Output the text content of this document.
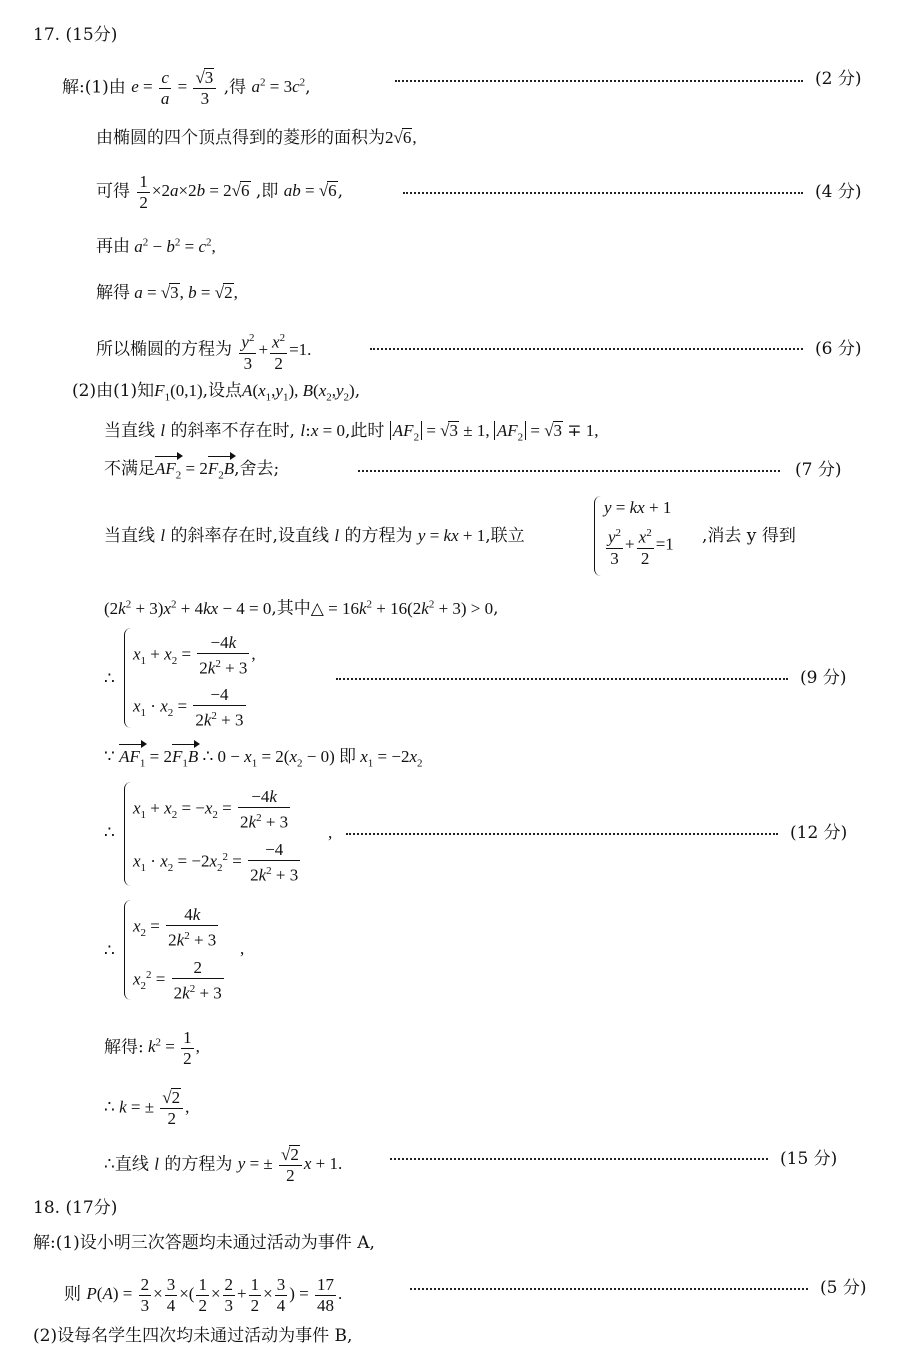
17. (15分)
解:(1)由 $e = \frac{c}{a} = \frac{√3}{3}$ ,得 $a^2 = 3c^2$,	(2 分)
由椭圆的四个顶点得到的菱形的面积为2√6,
可得 $\frac{1}{2} \times 2a\times 2b = 2√6$ ,即 ab = √6,	(4 分)
再由 $a^2 - b^2 = c^2$,
解得 a = √3, b = √2,
所以椭圆的方程为 $\frac{y^2}{3} + \frac{x^2}{2} =1$.	(6 分)
(2)由(1)知$F_1(0,1)$,设点$A(x_1,y_1)$, $B(x_2,y_2)$,
当直线 l 的斜率不存在时, l:x = 0,此时 $AF_2 = √3 \pm 1$, $AF_2 = √3 \mp 1$,
不满足$AF_2 = 2F_2B$,舍去;	(7 分)
当直线 l 的斜率存在时,设直线 l 的方程为 y = kx + 1,联立
y = kx + 1
$\frac{y^2}{3} + \frac{x^2}{2} =1$ ,消去 y 得到
$(2k^2 + 3)x^2 + 4kx - 4 = 0$,其中△ = $16k^2 + 16(2k^2 + 3) > 0$,
∴
$x_1 + x_2 = \frac{-4k}{2k^2 + 3}$ ,
$x_1 \cdot x_2 = \frac{-4}{2k^2 + 3}$
(9 分)
∵ $AF_1 = 2F_1B$ ∴ $0 - x_1 = 2(x_2 - 0)$ 即 $x_1 = -2x_2$
∴
$x_1 + x_2 = -x_2 = \frac{-4k}{2k^2 + 3}$
$x_1 \cdot x_2 = -2x_2^2 = \frac{-4}{2k^2 + 3}$
,	(12 分)
∴
$x_2 = \frac{4k}{2k^2 + 3}$
$x_2^2 = \frac{2}{2k^2 + 3}$
,
解得: $k^2 = \frac{1}{2}$ ,
∴ k = ± $\frac{√2}{2}$ ,
∴直线 l 的方程为 y = ± $\frac{√2}{2}$ x + 1.	(15 分)
18. (17分)
解:(1)设小明三次答题均未通过活动为事件 A,
则 $P(A) = \frac{2}{3} \times \frac{3}{4}$ ×( $\frac{1}{2} \times \frac{2}{3} + \frac{1}{2} \times \frac{3}{4}$ ) = $\frac{17}{48}$ .	(5 分)
(2)设每名学生四次均未通过活动为事件 B,
